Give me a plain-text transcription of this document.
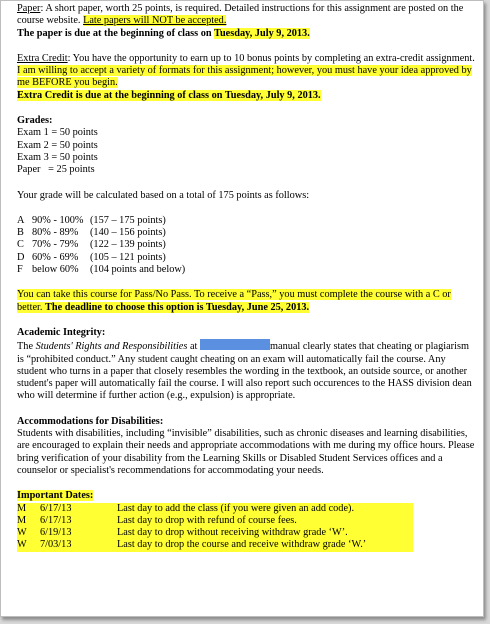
Paper: A short paper, worth 25 points, is required. Detailed instructions for this assignment are posted on the course website. Late papers will NOT be accepted.

The paper is due at the beginning of class on Tuesday, July 9, 2013.

Extra Credit: You have the opportunity to earn up to 10 bonus points by completing an extra-credit assignment. I am willing to accept a variety of formats for this assignment; however, you must have your idea approved by me BEFORE you begin.

Extra Credit is due at the beginning of class on Tuesday, July 9, 2013.

Grades:

Exam 1 = 50 points

Exam 2 = 50 points

Exam 3 = 50 points

Paper   = 25 points

Your grade will be calculated based on a total of 175 points as follows:

A 90% - 100% (157 – 175 points)
B 80% - 89%	(140 – 156 points)
C 70% - 79%	(122 – 139 points)
D 60% - 69%	(105 – 121 points)
F below 60%	(104 points and below)

You can take this course for Pass/No Pass. To receive a “Pass,” you must complete the course with a C or better. The deadline to choose this option is Tuesday, June 25, 2013.

Academic Integrity:

The Students' Rights and Responsibilities at	manual clearly states that cheating or plagiarism is “prohibited conduct.” Any student caught cheating on an exam will automatically fail the course. Any student who turns in a paper that closely resembles the wording in the textbook, an outside source, or another student's paper will automatically fail the course. I will also report such occurences to the HASS division dean who will determine if further action (e.g., expulsion) is appropriate.

Accommodations for Disabilities:

Students with disabilities, including “invisible” disabilities, such as chronic diseases and learning disabilities, are encouraged to explain their needs and appropriate accommodations with me during my office hours. Please bring verification of your disability from the Learning Skills or Disabled Student Services offices and a counselor or specialist's recommendations for accommodating your needs.

Important Dates:

M	6/17/13	Last day to add the class (if you were given an add code).
M	6/17/13	Last day to drop with refund of course fees.
W	6/19/13	Last day to drop without receiving withdraw grade ‘W’.
W	7/03/13	Last day to drop the course and receive withdraw grade ‘W.’
